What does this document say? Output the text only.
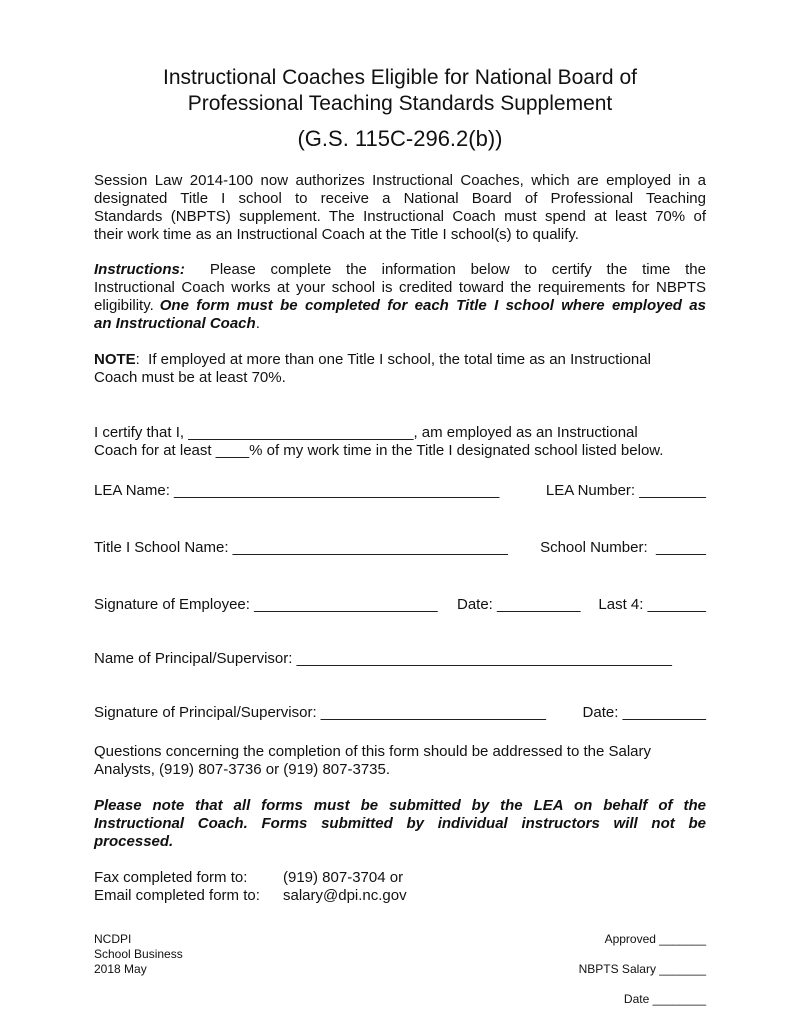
Instructional Coaches Eligible for National Board of
Professional Teaching Standards Supplement
(G.S. 115C-296.2(b))
Session Law 2014-100 now authorizes Instructional Coaches, which are employed in a
designated Title I school to receive a National Board of Professional Teaching
Standards (NBPTS) supplement. The Instructional Coach must spend at least 70% of
their work time as an Instructional Coach at the Title I school(s) to qualify.
Instructions: Please complete the information below to certify the time the
Instructional Coach works at your school is credited toward the requirements for NBPTS
eligibility. One form must be completed for each Title I school where employed as
an Instructional Coach.
NOTE:  If employed at more than one Title I school, the total time as an Instructional
Coach must be at least 70%.
I certify that I, ___________________________, am employed as an Instructional
Coach for at least ____% of my work time in the Title I designated school listed below.
LEA Name: _______________________________________	LEA Number: ________
Title I School Name: _________________________________	School Number:  ______
Signature of Employee: ______________________	Date: __________	Last 4: _______
Name of Principal/Supervisor: _____________________________________________
Signature of Principal/Supervisor: ___________________________	Date: __________
Questions concerning the completion of this form should be addressed to the Salary
Analysts, (919) 807-3736 or (919) 807-3735.
Please note that all forms must be submitted by the LEA on behalf of the
Instructional Coach. Forms submitted by individual instructors will not be
processed.
Fax completed form to:	(919) 807-3704 or
Email completed form to:	salary@dpi.nc.gov
NCDPI
School Business
2018 May
Approved _______
NBPTS Salary _______
Date ________
